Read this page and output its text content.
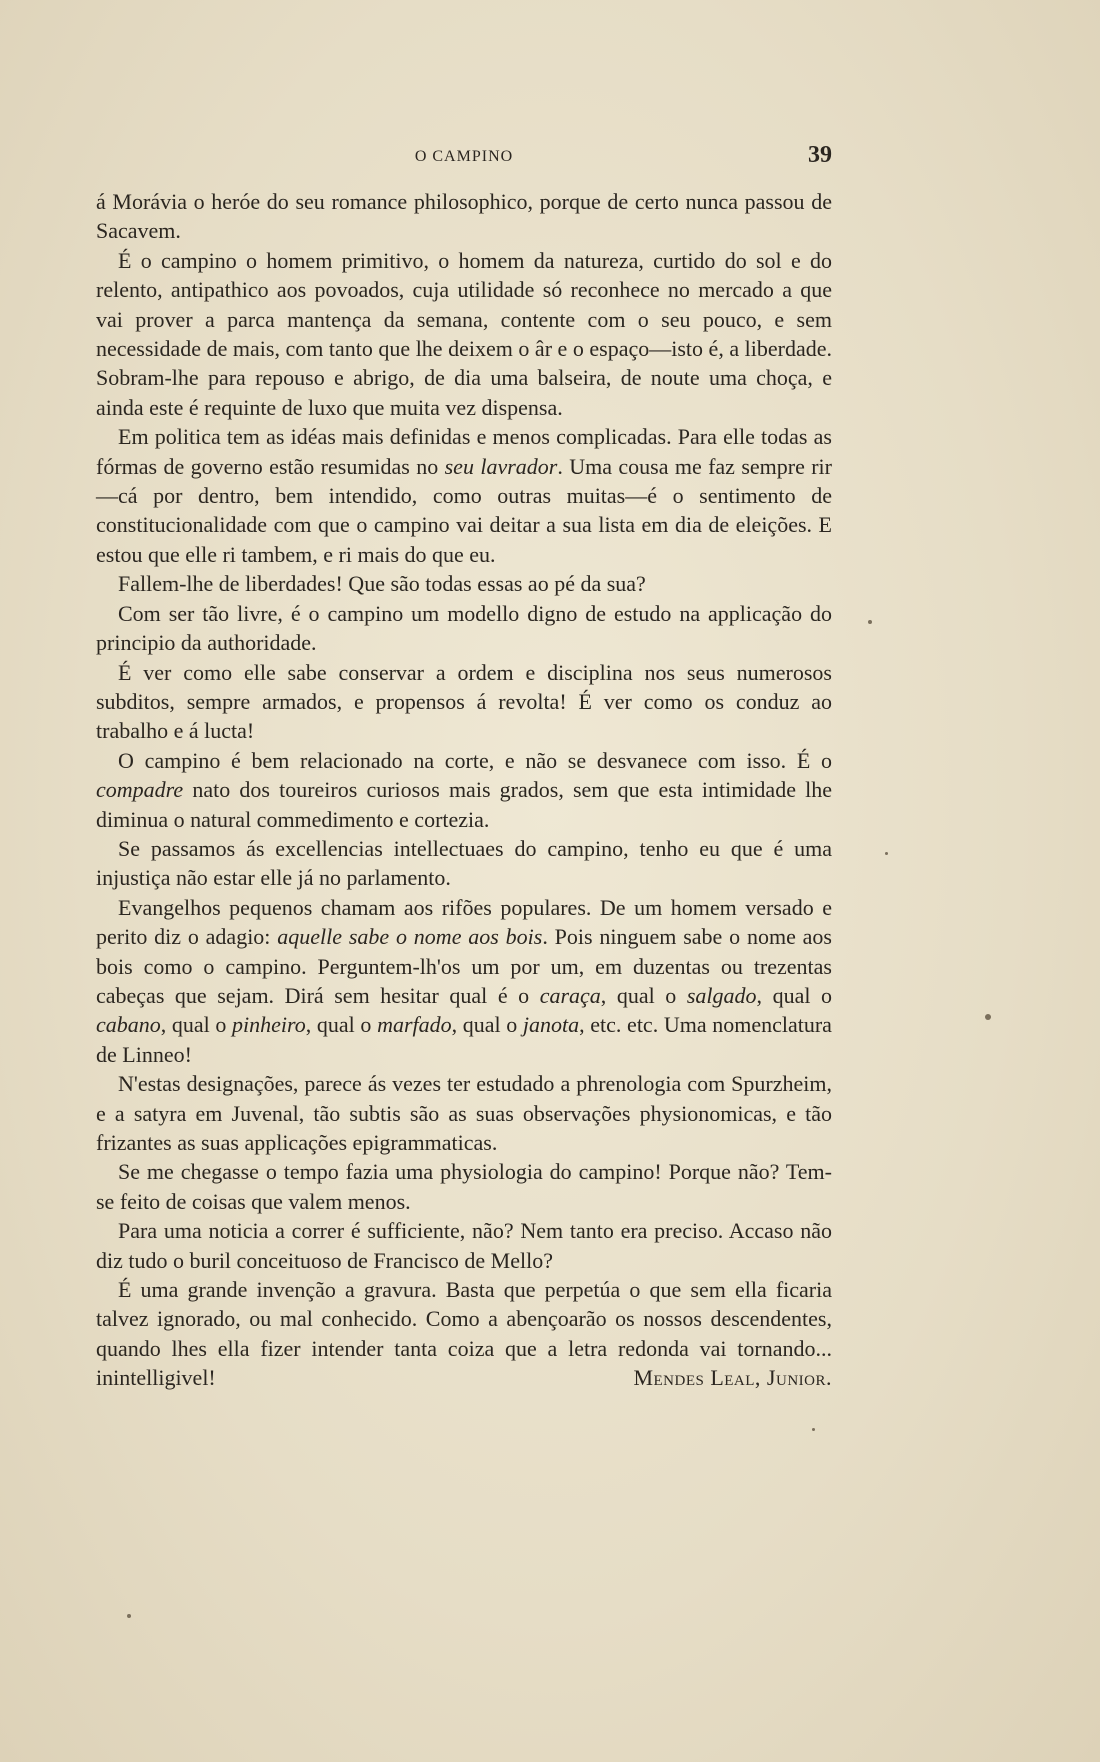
O CAMPINO	39

á Morávia o heróe do seu romance philosophico, porque de certo nunca passou de Sacavem.

É o campino o homem primitivo, o homem da natureza, curtido do sol e do relento, antipathico aos povoados, cuja utilidade só reconhece no mercado a que vai prover a parca mantença da semana, contente com o seu pouco, e sem necessidade de mais, com tanto que lhe deixem o âr e o espaço—isto é, a liberdade. Sobram-lhe para repouso e abrigo, de dia uma balseira, de noute uma choça, e ainda este é requinte de luxo que muita vez dispensa.

Em politica tem as idéas mais definidas e menos complicadas. Para elle todas as fórmas de governo estão resumidas no seu lavrador. Uma cousa me faz sempre rir—cá por dentro, bem intendido, como outras muitas—é o sentimento de constitucionalidade com que o campino vai deitar a sua lista em dia de eleições. E estou que elle ri tambem, e ri mais do que eu.

Fallem-lhe de liberdades! Que são todas essas ao pé da sua?

Com ser tão livre, é o campino um modello digno de estudo na applicação do principio da authoridade.

É ver como elle sabe conservar a ordem e disciplina nos seus numerosos subditos, sempre armados, e propensos á revolta! É ver como os conduz ao trabalho e á lucta!

O campino é bem relacionado na corte, e não se desvanece com isso. É o compadre nato dos toureiros curiosos mais grados, sem que esta intimidade lhe diminua o natural commedimento e cortezia.

Se passamos ás excellencias intellectuaes do campino, tenho eu que é uma injustiça não estar elle já no parlamento.

Evangelhos pequenos chamam aos rifões populares. De um homem versado e perito diz o adagio: aquelle sabe o nome aos bois. Pois ninguem sabe o nome aos bois como o campino. Perguntem-lh'os um por um, em duzentas ou trezentas cabeças que sejam. Dirá sem hesitar qual é o caraça, qual o salgado, qual o cabano, qual o pinheiro, qual o marfado, qual o janota, etc. etc. Uma nomenclatura de Linneo!

N'estas designações, parece ás vezes ter estudado a phrenologia com Spurzheim, e a satyra em Juvenal, tão subtis são as suas observações physionomicas, e tão frizantes as suas applicações epigrammaticas.

Se me chegasse o tempo fazia uma physiologia do campino! Porque não? Tem-se feito de coisas que valem menos.

Para uma noticia a correr é sufficiente, não? Nem tanto era preciso. Accaso não diz tudo o buril conceituoso de Francisco de Mello?

É uma grande invenção a gravura. Basta que perpetúa o que sem ella ficaria talvez ignorado, ou mal conhecido. Como a abençoarão os nossos descendentes, quando lhes ella fizer intender tanta coiza que a letra redonda vai tornando... inintelligivel!	Mendes Leal, Junior.
